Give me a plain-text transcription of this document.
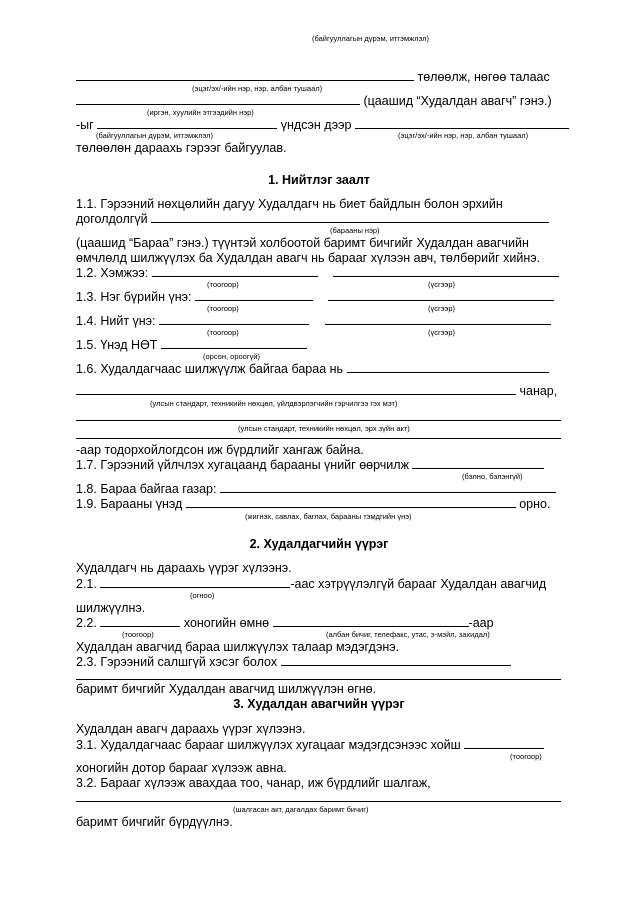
(байгууллагын дүрэм, итгэмжлэл)
төлөөлж, нөгөө талаас
(эцэг/эх/-ийн нэр, нэр, албан тушаал)
(цаашид “Худалдан авагч” гэнэ.)
(иргэн, хуулийн этгээдийн нэр)
-ыг	үндсэн дээр
(байгууллагын дүрэм, итгэмжлэл)	(эцэг/эх/-ийн нэр, нэр, албан тушаал)
төлөөлөн дараахь гэрээг байгуулав.
1. Нийтлэг заалт
1.1. Гэрээний нөхцөлийн дагуу Худалдагч нь биет байдлын болон эрхийн
доголдолгүй
(барааны нэр)
(цаашид “Бараа” гэнэ.) түүнтэй холбоотой баримт бичгийг Худалдан авагчийн
өмчлөлд шилжүүлэх ба Худалдан авагч нь барааг хүлээн авч, төлбөрийг хийнэ.
1.2. Хэмжээ:
(тоогоор)	(үсгээр)
1.3. Нэг бүрийн үнэ:
(тоогоор)	(үсгээр)
1.4. Нийт үнэ:
(тоогоор)	(үсгээр)
1.5. Үнэд НӨТ
(орсон, ороогүй)
1.6. Худалдагчаас шилжүүлж байгаа бараа нь
чанар,
(улсын стандарт, техникийн нөхцөл, үйлдвэрлэгчийн гэрчилгээ гэх мэт)
(улсын стандарт, техникийн нөхцөл, эрх зүйн акт)
-аар тодорхойлогдсон иж бүрдлийг хангаж байна.
1.7. Гэрээний үйлчлэх хугацаанд барааны үнийг өөрчилж
(бэлно, бэлэнгүй)
1.8. Бараа байгаа газар:
1.9. Барааны үнэд	орно.
(жигнэх, савлах, баглах, барааны тэмдгийн үнэ)
2. Худалдагчийн үүрэг
Худалдагч нь дараахь үүрэг хүлээнэ.
2.1.	-аас хэтрүүлэлгүй барааг Худалдан авагчид
(огноо)
шилжүүлнэ.
2.2.	хоногийн өмнө	-аар
(тоогоор)	(албан бичиг, телефакс, утас, э-мэйл, захидал)
Худалдан авагчид бараа шилжүүлэх талаар мэдэгдэнэ.
2.3. Гэрээний салшгүй хэсэг болох
баримт бичгийг Худалдан авагчид шилжүүлэн өгнө.
3. Худалдан авагчийн үүрэг
Худалдан авагч дараахь үүрэг хүлээнэ.
3.1. Худалдагчаас барааг шилжүүлэх хугацааг мэдэгдсэнээс хойш
(тоогоор)
хоногийн дотор барааг хүлээж авна.
3.2. Барааг хүлээж авахдаа тоо, чанар, иж бүрдлийг шалгаж,
(шалгасан акт, дагалдах баримт бичиг)
баримт бичгийг бүрдүүлнэ.
